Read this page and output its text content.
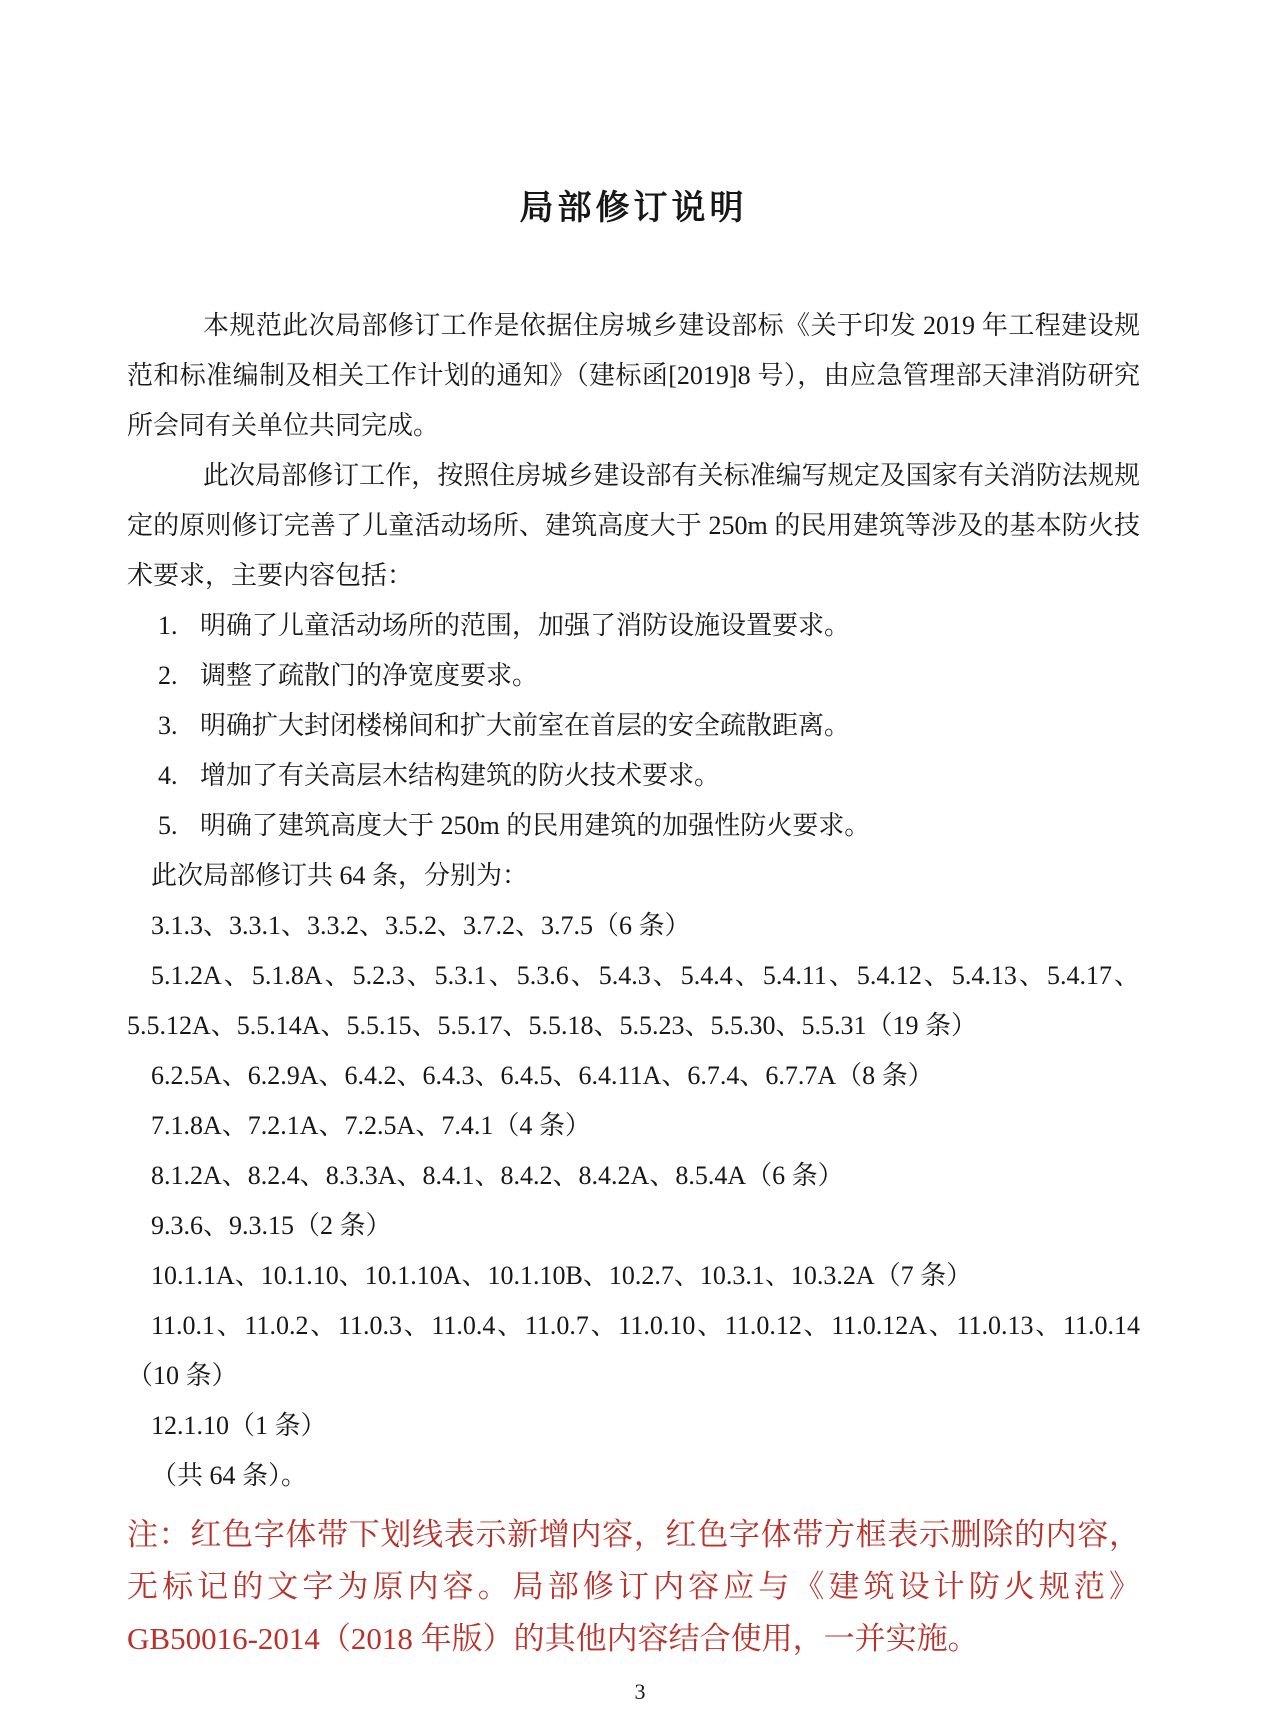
局部修订说明

本规范此次局部修订工作是依据住房城乡建设部标《关于印发 2019 年工程建设规范和标准编制及相关工作计划的通知》（建标函[2019]8 号），由应急管理部天津消防研究所会同有关单位共同完成。

此次局部修订工作，按照住房城乡建设部有关标准编写规定及国家有关消防法规规定的原则修订完善了儿童活动场所、建筑高度大于 250m 的民用建筑等涉及的基本防火技术要求，主要内容包括：

1. 明确了儿童活动场所的范围，加强了消防设施设置要求。
2. 调整了疏散门的净宽度要求。
3. 明确扩大封闭楼梯间和扩大前室在首层的安全疏散距离。
4. 增加了有关高层木结构建筑的防火技术要求。
5. 明确了建筑高度大于 250m 的民用建筑的加强性防火要求。

此次局部修订共 64 条，分别为：

3.1.3、3.3.1、3.3.2、3.5.2、3.7.2、3.7.5（6 条）

5.1.2A、5.1.8A、5.2.3、5.3.1、5.3.6、5.4.3、5.4.4、5.4.11、5.4.12、5.4.13、5.4.17、5.5.12A、5.5.14A、5.5.15、5.5.17、5.5.18、5.5.23、5.5.30、5.5.31（19 条）

6.2.5A、6.2.9A、6.4.2、6.4.3、6.4.5、6.4.11A、6.7.4、6.7.7A（8 条）

7.1.8A、7.2.1A、7.2.5A、7.4.1（4 条）

8.1.2A、8.2.4、8.3.3A、8.4.1、8.4.2、8.4.2A、8.5.4A（6 条）

9.3.6、9.3.15（2 条）

10.1.1A、10.1.10、10.1.10A、10.1.10B、10.2.7、10.3.1、10.3.2A（7 条）

11.0.1、11.0.2、11.0.3、11.0.4、11.0.7、11.0.10、11.0.12、11.0.12A、11.0.13、11.0.14（10 条）

12.1.10（1 条）

（共 64 条）。

注：红色字体带下划线表示新增内容，红色字体带方框表示删除的内容，无标记的文字为原内容。局部修订内容应与《建筑设计防火规范》GB50016-2014（2018 年版）的其他内容结合使用，一并实施。

3
